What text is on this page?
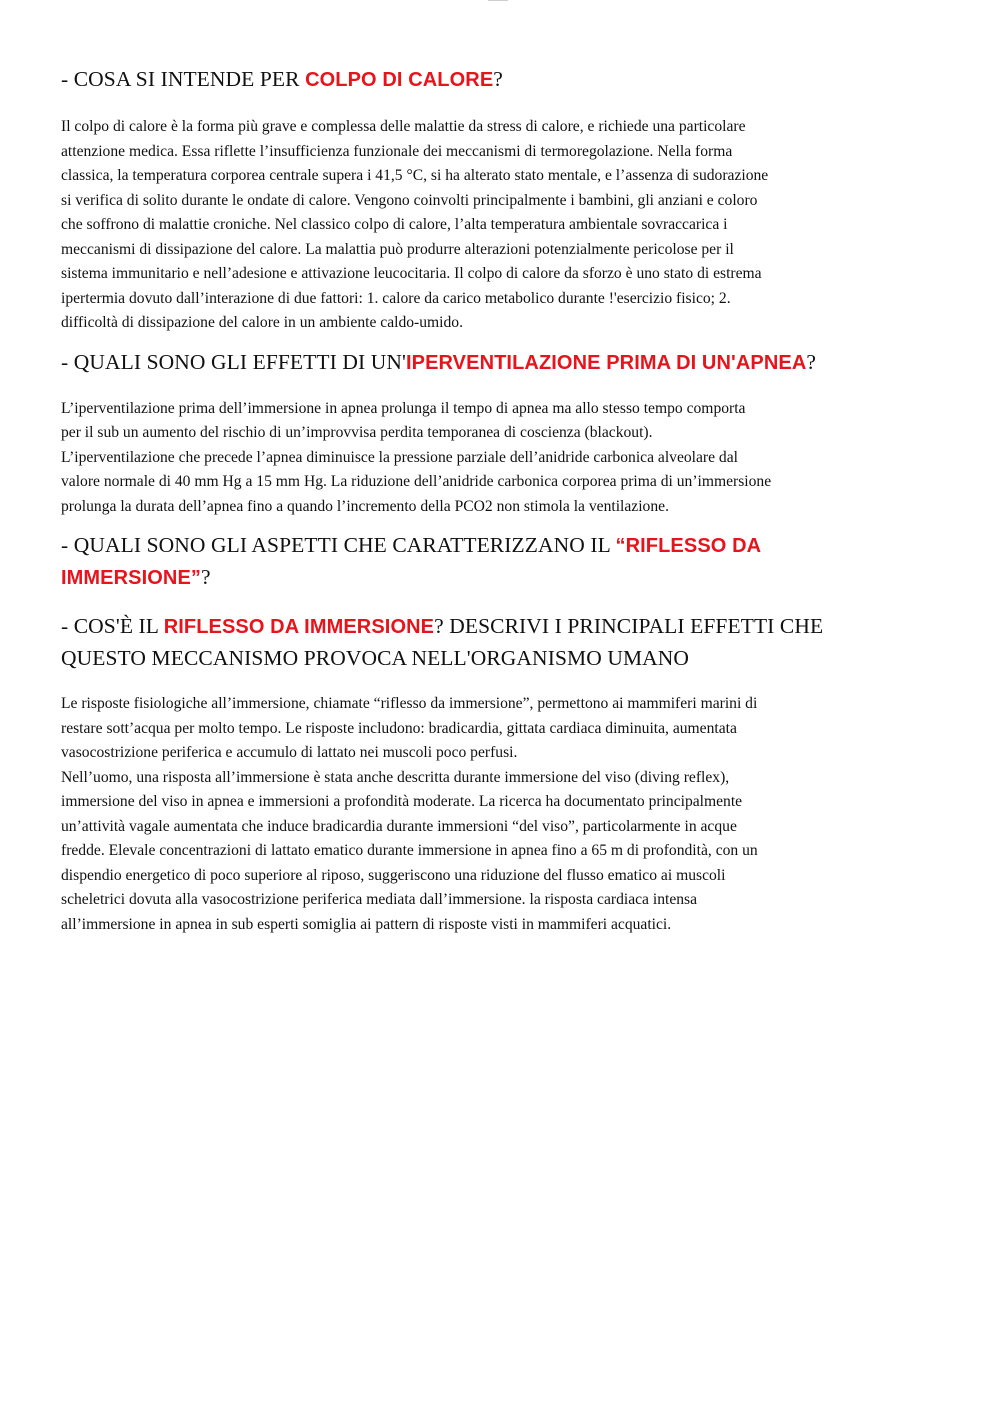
- COSA SI INTENDE PER COLPO DI CALORE?

Il colpo di calore è la forma più grave e complessa delle malattie da stress di calore, e richiede una particolare
attenzione medica. Essa riflette l’insufficienza funzionale dei meccanismi di termoregolazione. Nella forma
classica, la temperatura corporea centrale supera i 41,5 °C, si ha alterato stato mentale, e l’assenza di sudorazione
si verifica di solito durante le ondate di calore. Vengono coinvolti principalmente i bambini, gli anziani e coloro
che soffrono di malattie croniche. Nel classico colpo di calore, l’alta temperatura ambientale sovraccarica i
meccanismi di dissipazione del calore. La malattia può produrre alterazioni potenzialmente pericolose per il
sistema immunitario e nell’adesione e attivazione leucocitaria. Il colpo di calore da sforzo è uno stato di estrema
ipertermia dovuto dall’interazione di due fattori: 1. calore da carico metabolico durante !'esercizio fisico; 2.
difficoltà di dissipazione del calore in un ambiente caldo-umido.

- QUALI SONO GLI EFFETTI DI UN'IPERVENTILAZIONE PRIMA DI UN'APNEA?

L’iperventilazione prima dell’immersione in apnea prolunga il tempo di apnea ma allo stesso tempo comporta
per il sub un aumento del rischio di un’improvvisa perdita temporanea di coscienza (blackout).
L’iperventilazione che precede l’apnea diminuisce la pressione parziale dell’anidride carbonica alveolare dal
valore normale di 40 mm Hg a 15 mm Hg. La riduzione dell’anidride carbonica corporea prima di un’immersione
prolunga la durata dell’apnea fino a quando l’incremento della PCO2 non stimola la ventilazione.

- QUALI SONO GLI ASPETTI CHE CARATTERIZZANO IL “RIFLESSO DA IMMERSIONE”?
- COS'È IL RIFLESSO DA IMMERSIONE? DESCRIVI I PRINCIPALI EFFETTI CHE QUESTO MECCANISMO PROVOCA NELL'ORGANISMO UMANO

Le risposte fisiologiche all’immersione, chiamate “riflesso da immersione”, permettono ai mammiferi marini di
restare sott’acqua per molto tempo. Le risposte includono: bradicardia, gittata cardiaca diminuita, aumentata
vasocostrizione periferica e accumulo di lattato nei muscoli poco perfusi.
Nell’uomo, una risposta all’immersione è stata anche descritta durante immersione del viso (diving reflex),
immersione del viso in apnea e immersioni a profondità moderate. La ricerca ha documentato principalmente
un’attività vagale aumentata che induce bradicardia durante immersioni “del viso”, particolarmente in acque
fredde. Elevale concentrazioni di lattato ematico durante immersione in apnea fino a 65 m di profondità, con un
dispendio energetico di poco superiore al riposo, suggeriscono una riduzione del flusso ematico ai muscoli
scheletrici dovuta alla vasocostrizione periferica mediata dall’immersione. la risposta cardiaca intensa
all’immersione in apnea in sub esperti somiglia ai pattern di risposte visti in mammiferi acquatici.
